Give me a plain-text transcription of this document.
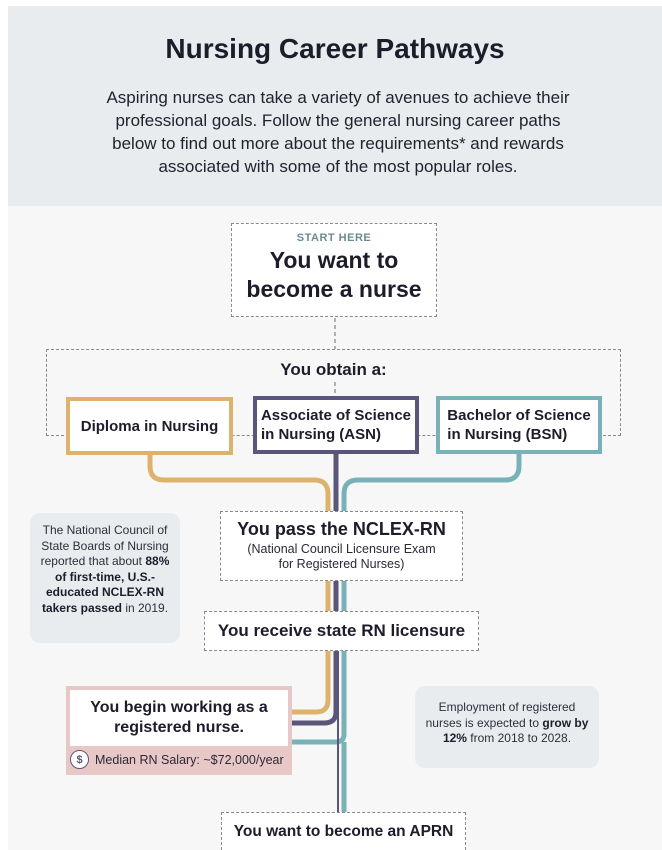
Nursing Career Pathways

Aspiring nurses can take a variety of avenues to achieve their professional goals. Follow the general nursing career paths below to find out more about the requirements* and rewards associated with some of the most popular roles.

START HERE
You want to
become a nurse
You obtain a:
Diploma in Nursing
Associate of Science
in Nursing (ASN)
Bachelor of Science
in Nursing (BSN)
You pass the NCLEX-RN
(National Council Licensure Exam
for Registered Nurses)
You receive state RN licensure
You begin working as a
registered nurse.
$ Median RN Salary: ~$72,000/year
The National Council of State Boards of Nursing reported that about 88% of first-time, U.S.-educated NCLEX-RN takers passed in 2019.
Employment of registered nurses is expected to grow by 12% from 2018 to 2028.
You want to become an APRN
